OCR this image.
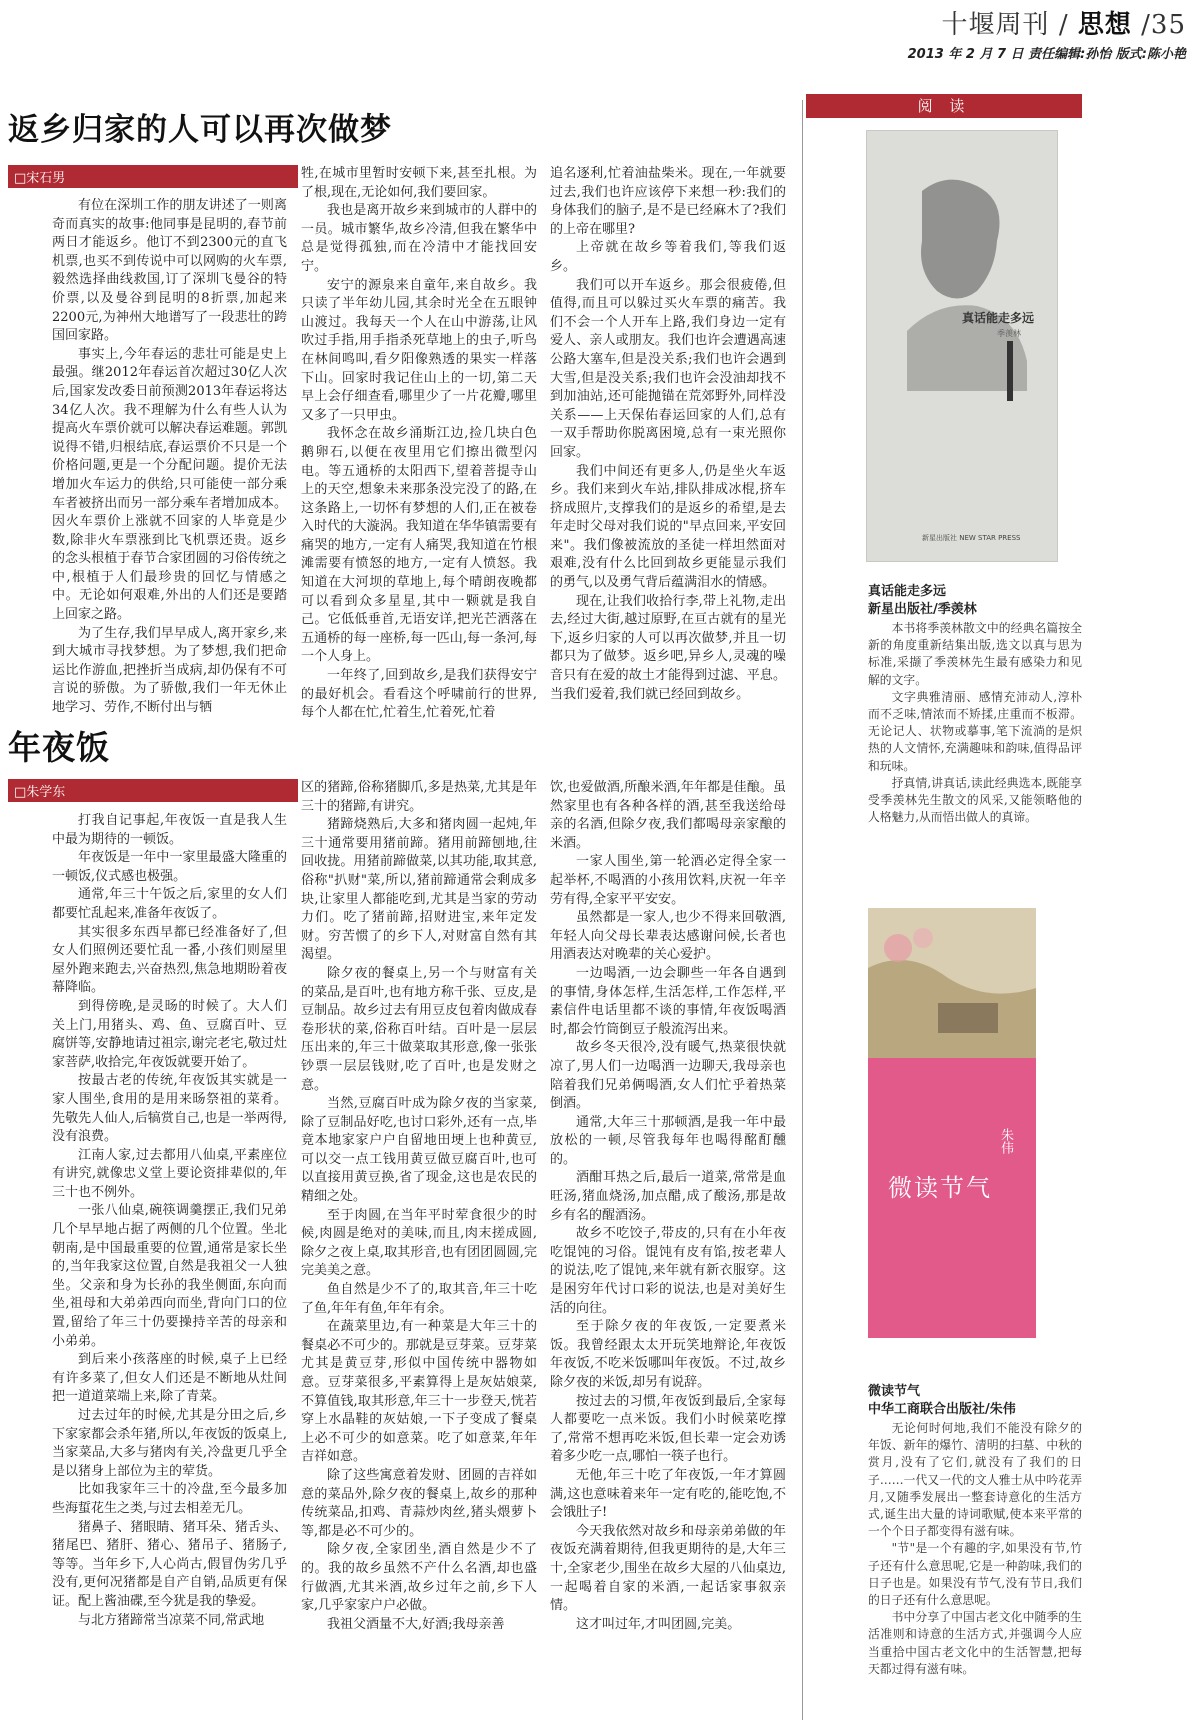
十堰周刊 / 思想 /35
2013 年 2 月 7 日 责任编辑:孙怡 版式:陈小艳
返乡归家的人可以再次做梦
□宋石男

有位在深圳工作的朋友讲述了一则离奇而真实的故事:他同事是昆明的,春节前两日才能返乡。他订不到2300元的直飞机票,也买不到传说中可以网购的火车票,毅然选择曲线救国,订了深圳飞曼谷的特价票,以及曼谷到昆明的8折票,加起来2200元,为神州大地谱写了一段悲壮的跨国回家路。

事实上,今年春运的悲壮可能是史上最强。继2012年春运首次超过30亿人次后,国家发改委日前预测2013年春运将达34亿人次。我不理解为什么有些人认为提高火车票价就可以解决春运难题。郭凯说得不错,归根结底,春运票价不只是一个价格问题,更是一个分配问题。提价无法增加火车运力的供给,只可能使一部分乘车者被挤出而另一部分乘车者增加成本。因火车票价上涨就不回家的人毕竟是少数,除非火车票涨到比飞机票还贵。返乡的念头根植于春节合家团圆的习俗传统之中,根植于人们最珍贵的回忆与情感之中。无论如何艰难,外出的人们还是要踏上回家之路。

为了生存,我们早早成人,离开家乡,来到大城市寻找梦想。为了梦想,我们把命运比作游血,把挫折当成病,却仍保有不可言说的骄傲。为了骄傲,我们一年无休止地学习、劳作,不断付出与牺

牲,在城市里暂时安顿下来,甚至扎根。为了根,现在,无论如何,我们要回家。

我也是离开故乡来到城市的人群中的一员。城市繁华,故乡冷清,但我在繁华中总是觉得孤独,而在冷清中才能找回安宁。

安宁的源泉来自童年,来自故乡。我只读了半年幼儿园,其余时光全在五眼钟山渡过。我每天一个人在山中游荡,让风吹过手指,用手指杀死草地上的虫子,听鸟在林间鸣叫,看夕阳像熟透的果实一样落下山。回家时我记住山上的一切,第二天早上会仔细查看,哪里少了一片花瓣,哪里又多了一只甲虫。

我怀念在故乡涌斯江边,捡几块白色鹅卵石,以便在夜里用它们擦出微型闪电。等五通桥的太阳西下,望着菩提寺山上的天空,想象未来那条没完没了的路,在这条路上,一切怀有梦想的人们,正在被卷入时代的大漩涡。我知道在华华镇需要有痛哭的地方,一定有人痛哭,我知道在竹根滩需要有愤怒的地方,一定有人愤怒。我知道在大河坝的草地上,每个晴朗夜晚都可以看到众多星星,其中一颗就是我自己。它低低垂首,无语安详,把光芒洒落在五通桥的每一座桥,每一匹山,每一条河,每一个人身上。

一年终了,回到故乡,是我们获得安宁的最好机会。看看这个呼啸前行的世界,每个人都在忙,忙着生,忙着死,忙着

追名逐利,忙着油盐柴米。现在,一年就要过去,我们也许应该停下来想一秒:我们的身体我们的脑子,是不是已经麻木了?我们的上帝在哪里?

上帝就在故乡等着我们,等我们返乡。

我们可以开车返乡。那会很疲倦,但值得,而且可以躲过买火车票的痛苦。我们不会一个人开车上路,我们身边一定有爱人、亲人或朋友。我们也许会遭遇高速公路大塞车,但是没关系;我们也许会遇到大雪,但是没关系;我们也许会没油却找不到加油站,还可能抛锚在荒郊野外,同样没关系——上天保佑春运回家的人们,总有一双手帮助你脱离困境,总有一束光照你回家。

我们中间还有更多人,仍是坐火车返乡。我们来到火车站,排队排成冰棍,挤车挤成照片,支撑我们的是返乡的希望,是去年走时父母对我们说的"早点回来,平安回来"。我们像被流放的圣徒一样坦然面对艰难,没有什么比回到故乡更能显示我们的勇气,以及勇气背后蕴满泪水的情感。

现在,让我们收拾行李,带上礼物,走出去,经过大街,越过原野,在亘古就有的星光下,返乡归家的人可以再次做梦,并且一切都只为了做梦。返乡吧,异乡人,灵魂的噪音只有在爱的故土才能得到过滤、平息。当我们爱着,我们就已经回到故乡。

年夜饭
□朱学东

打我自记事起,年夜饭一直是我人生中最为期待的一顿饭。

年夜饭是一年中一家里最盛大隆重的一顿饭,仪式感也极强。

通常,年三十午饭之后,家里的女人们都要忙乱起来,准备年夜饭了。

其实很多东西早都已经准备好了,但女人们照例还要忙乱一番,小孩们则屋里屋外跑来跑去,兴奋热烈,焦急地期盼着夜幕降临。

到得傍晚,是灵旸的时候了。大人们关上门,用猪头、鸡、鱼、豆腐百叶、豆腐饼等,安静地请过祖宗,谢完老宅,敬过灶家菩萨,收拾完,年夜饭就要开始了。

按最古老的传统,年夜饭其实就是一家人围坐,食用的是用来旸祭祖的菜肴。先敬先人仙人,后犒赏自己,也是一举两得,没有浪费。

江南人家,过去都用八仙桌,平素座位有讲究,就像忠义堂上要论资排辈似的,年三十也不例外。

一张八仙桌,碗筷调羹摆正,我们兄弟几个早早地占据了两侧的几个位置。坐北朝南,是中国最重要的位置,通常是家长坐的,当年我家这位置,自然是我祖父一人独坐。父亲和身为长孙的我坐侧面,东向而坐,祖母和大弟弟西向而坐,背向门口的位置,留给了年三十仍要操持辛苦的母亲和小弟弟。

到后来小孩落座的时候,桌子上已经有许多菜了,但女人们还是不断地从灶间把一道道菜端上来,除了青菜。

过去过年的时候,尤其是分田之后,乡下家家都会杀年猪,所以,年夜饭的饭桌上,当家菜品,大多与猪肉有关,冷盘更几乎全是以猪身上部位为主的荤货。

比如我家年三十的冷盘,至今最多加些海蜇花生之类,与过去相差无几。

猪鼻子、猪眼睛、猪耳朵、猪舌头、猪尾巴、猪肝、猪心、猪吊子、猪肠子,等等。当年乡下,人心尚古,假冒伪劣几乎没有,更何况猪都是自产自销,品质更有保证。配上酱油碟,至今犹是我的挚爱。

与北方猪蹄常当凉菜不同,常武地

区的猪蹄,俗称猪脚爪,多是热菜,尤其是年三十的猪蹄,有讲究。

猪蹄烧熟后,大多和猪肉圆一起炖,年三十通常要用猪前蹄。猪用前蹄刨地,往回收拢。用猪前蹄做菜,以其功能,取其意,俗称"扒财"菜,所以,猪前蹄通常会剩成多块,让家里人都能吃到,尤其是当家的劳动力们。吃了猪前蹄,招财进宝,来年定发财。穷苦惯了的乡下人,对财富自然有其渴望。

除夕夜的餐桌上,另一个与财富有关的菜品,是百叶,也有地方称千张、豆皮,是豆制品。故乡过去有用豆皮包着肉做成春卷形状的菜,俗称百叶结。百叶是一层层压出来的,年三十做菜取其形意,像一张张钞票一层层钱财,吃了百叶,也是发财之意。

当然,豆腐百叶成为除夕夜的当家菜,除了豆制品好吃,也讨口彩外,还有一点,毕竟本地家家户户自留地田埂上也种黄豆,可以交一点工钱用黄豆做豆腐百叶,也可以直接用黄豆换,省了现金,这也是农民的精细之处。

至于肉圆,在当年平时荤食很少的时候,肉圆是绝对的美味,而且,肉末搓成圆,除夕之夜上桌,取其形音,也有团团圆圆,完完美美之意。

鱼自然是少不了的,取其音,年三十吃了鱼,年年有鱼,年年有余。

在蔬菜里边,有一种菜是大年三十的餐桌必不可少的。那就是豆芽菜。豆芽菜尤其是黄豆芽,形似中国传统中器物如意。豆芽菜很多,平素算得上是灰姑娘菜,不算值钱,取其形意,年三十一步登天,恍若穿上水晶鞋的灰姑娘,一下子变成了餐桌上必不可少的如意菜。吃了如意菜,年年吉祥如意。

除了这些寓意着发财、团圆的吉祥如意的菜品外,除夕夜的餐桌上,故乡的那种传统菜品,扣鸡、青蒜炒肉丝,猪头煨萝卜等,都是必不可少的。

除夕夜,全家团坐,酒自然是少不了的。我的故乡虽然不产什么名酒,却也盛行做酒,尤其米酒,故乡过年之前,乡下人家,几乎家家户户必做。

我祖父酒量不大,好酒;我母亲善

饮,也爱做酒,所酿米酒,年年都是佳酿。虽然家里也有各种各样的酒,甚至我送给母亲的名酒,但除夕夜,我们都喝母亲家酿的米酒。

一家人围坐,第一轮酒必定得全家一起举杯,不喝酒的小孩用饮料,庆祝一年辛劳有得,全家平平安安。

虽然都是一家人,也少不得来回敬酒,年轻人向父母长辈表达感谢问候,长者也用酒表达对晚辈的关心爱护。

一边喝酒,一边会聊些一年各自遇到的事情,身体怎样,生活怎样,工作怎样,平素信件电话里都不谈的事情,年夜饭喝酒时,都会竹筒倒豆子般流泻出来。

故乡冬天很冷,没有暖气,热菜很快就凉了,男人们一边喝酒一边聊天,我母亲也陪着我们兄弟俩喝酒,女人们忙乎着热菜倒酒。

通常,大年三十那顿酒,是我一年中最放松的一顿,尽管我每年也喝得酩酊醺的。

酒酣耳热之后,最后一道菜,常常是血旺汤,猪血烧汤,加点醋,成了酸汤,那是故乡有名的醒酒汤。

故乡不吃饺子,带皮的,只有在小年夜吃馄饨的习俗。馄饨有皮有馅,按老辈人的说法,吃了馄饨,来年就有新衣服穿。这是困穷年代讨口彩的说法,也是对美好生活的向往。

至于除夕夜的年夜饭,一定要煮米饭。我曾经跟太太开玩笑地辩论,年夜饭年夜饭,不吃米饭哪叫年夜饭。不过,故乡除夕夜的米饭,却另有说辞。

按过去的习惯,年夜饭到最后,全家每人都要吃一点米饭。我们小时候菜吃撑了,常常不想再吃米饭,但长辈一定会劝诱着多少吃一点,哪怕一筷子也行。

无他,年三十吃了年夜饭,一年才算圆满,这也意味着来年一定有吃的,能吃饱,不会饿肚子!

今天我依然对故乡和母亲弟弟做的年夜饭充满着期待,但我更期待的是,大年三十,全家老少,围坐在故乡大屋的八仙桌边,一起喝着自家的米酒,一起话家事叙亲情。

这才叫过年,才叫团圆,完美。

阅 读
真话能走多远
季羡林
新星出版社 NEW STAR PRESS
真话能走多远
新星出版社/季羡林

本书将季羡林散文中的经典名篇按全新的角度重新结集出版,选文以真与思为标准,采撷了季羡林先生最有感染力和见解的文字。

文字典雅清丽、感情充沛动人,淳朴而不乏味,情浓而不矫揉,庄重而不板滞。无论记人、状物或摹事,笔下流淌的是炽热的人文情怀,充满趣味和韵味,值得品评和玩味。

抒真情,讲真话,读此经典选本,既能享受季羡林先生散文的风采,又能领略他的人格魅力,从而悟出做人的真谛。

微读节气
朱伟
微读节气
中华工商联合出版社/朱伟

无论何时何地,我们不能没有除夕的年饭、新年的爆竹、清明的扫墓、中秋的赏月,没有了它们,就没有了我们的日子……一代又一代的文人雅士从中吟花弄月,又随季发展出一整套诗意化的生活方式,诞生出大量的诗词歌赋,使本来平常的一个个日子都变得有滋有味。

"节"是一个有趣的字,如果没有节,竹子还有什么意思呢,它是一种韵味,我们的日子也是。如果没有节气,没有节日,我们的日子还有什么意思呢。

书中分享了中国古老文化中随季的生活准则和诗意的生活方式,并强调今人应当重拾中国古老文化中的生活智慧,把每天都过得有滋有味。
